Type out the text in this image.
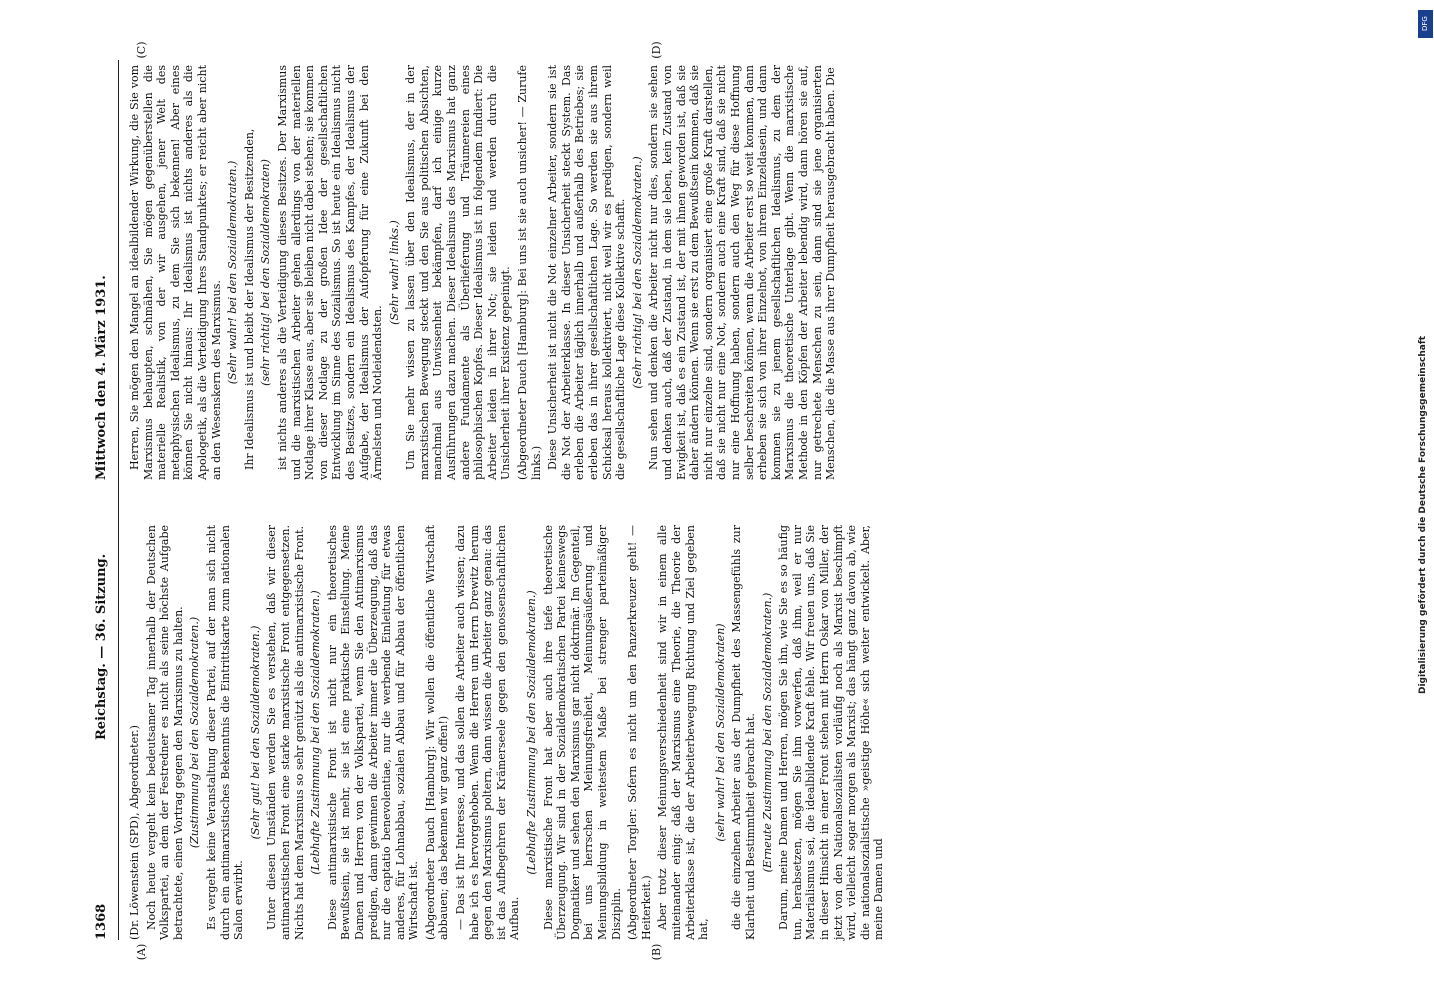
1368
Reichstag. — 36. Sitzung.
Mittwoch den 4. März 1931.
(A)	(B)
(C)	(D)

(Dr. Löwenstein (SPD), Abgeordneter.) Noch heute vergeht kein bedeutsamer Tag innerhalb der Deutschen Volkspartei, an dem der Festredner es nicht als seine höchste Aufgabe betrachtete, einen Vortrag gegen den Marxismus zu halten. (Zustimmung bei den Sozialdemokraten.) Es vergeht keine Veranstaltung dieser Partei, auf der man sich nicht durch ein antimarxistisches Bekenntnis die Eintrittskarte zum nationalen Salon erwirbt.

(Sehr gut! bei den Sozialdemokraten.) Unter diesen Umständen werden Sie es verstehen, daß wir dieser antimarxistischen Front eine starke marxistische Front entgegensetzen. Nichts hat dem Marxismus so sehr genützt als die antimarxistische Front. (Lebhafte Zustimmung bei den Sozialdemokraten.) Diese antimarxistische Front ist nicht nur ein theoretisches Bewußtsein, sie ist mehr, sie ist eine praktische Einstellung. Meine Damen und Herren von der Volkspartei, wenn Sie den Antimarxismus predigen, dann gewinnen die Arbeiter immer die Überzeugung, daß das nur die captatio benevolentiae, nur die werbende Einleitung für etwas anderes, für Lohnabbau, sozialen Abbau und für Abbau der öffentlichen Wirtschaft ist. (Abgeordneter Dauch [Hamburg]: Wir wollen die öffentliche Wirtschaft abbauen; das bekennen wir ganz offen!) — Das ist Ihr Interesse, und das sollen die Arbeiter auch wissen; dazu habe ich es hervorgehoben. Wenn die Herren um Herrn Drewitz herum gegen den Marxismus poltern, dann wissen die Arbeiter ganz genau: das ist das Aufbegehren der Krämerseele gegen den genossenschaftlichen Aufbau.

(Lebhafte Zustimmung bei den Sozialdemokraten.) Diese marxistische Front hat aber auch ihre tiefe theoretische Überzeugung. Wir sind in der Sozialdemokratischen Partei keineswegs Dogmatiker und sehen den Marxismus gar nicht doktrinär. Im Gegenteil, bei uns herrschen Meinungsfreiheit, Meinungsäußerung und Meinungsbildung in weitestem Maße bei strenger parteimäßiger Disziplin. (Abgeordneter Torgler: Sofern es nicht um den Panzerkreuzer geht! — Heiterkeit.) Aber trotz dieser Meinungsverschiedenheit sind wir in einem alle miteinander einig: daß der Marxismus eine Theorie, die Theorie der Arbeiterklasse ist, die der Arbeiterbewegung Richtung und Ziel gegeben hat,

(sehr wahr! bei den Sozialdemokraten) die die einzelnen Arbeiter aus der Dumpfheit des Massengefühls zur Klarheit und Bestimmtheit gebracht hat. (Erneute Zustimmung bei den Sozialdemokraten.) Darum, meine Damen und Herren, mögen Sie ihn, wie Sie es so häufig tun, herabsetzen, mögen Sie ihm vorwerfen, daß ihm, weil er nur Materialismus sei, die idealbildende Kraft fehle. Wir freuen uns, daß Sie in dieser Hinsicht in einer Front stehen mit Herrn Oskar von Miller, der jetzt von den Nationalsozialisten vorläufig noch als Marxist beschimpft wird, vielleicht sogar morgen als Marxist; das hängt ganz davon ab, wie die nationalsozialistische »geistige Höhe« sich weiter entwickelt. Aber, meine Damen und

Herren, Sie mögen den Mangel an idealbildender Wirkung, die Sie vom Marxismus behaupten, schmähen, Sie mögen gegenüberstellen die materielle Realistik, von der wir ausgehen, jener Welt des metaphysischen Idealismus, zu dem Sie sich bekennen! Aber eines können Sie nicht hinaus: Ihr Idealismus ist nichts anderes als die Apologetik, als die Verteidigung Ihres Standpunktes; er reicht aber nicht an den Wesenskern des Marxismus. (Sehr wahr! bei den Sozialdemokraten.) Ihr Idealismus ist und bleibt der Idealismus der Besitzenden, (sehr richtig! bei den Sozialdemokraten) ist nichts anderes als die Verteidigung dieses Besitzes. Der Marxismus und die marxistischen Arbeiter gehen allerdings von der materiellen Notlage ihrer Klasse aus, aber sie bleiben nicht dabei stehen; sie kommen von dieser Notlage zu der großen Idee der gesellschaftlichen Entwicklung im Sinne des Sozialismus. So ist heute ein Idealismus nicht des Besitzes, sondern ein Idealismus des Kampfes, der Idealismus der Aufgabe, der Idealismus der Aufopferung für eine Zukunft bei den Ärmelsten und Notleidendsten.

(Sehr wahr! links.) Um Sie mehr wissen zu lassen über den Idealismus, der in der marxistischen Bewegung steckt und den Sie aus politischen Absichten, manchmal aus Unwissenheit bekämpfen, darf ich einige kurze Ausführungen dazu machen. Dieser Idealismus des Marxismus hat ganz andere Fundamente als Überlieferung und Träumereien eines philosophischen Kopfes. Dieser Idealismus ist in folgendem fundiert: Die Arbeiter leiden in ihrer Not; sie leiden und werden durch die Unsicherheit ihrer Existenz gepeinigt. (Abgeordneter Dauch [Hamburg]: Bei uns ist sie auch unsicher! — Zurufe links.) Diese Unsicherheit ist nicht die Not einzelner Arbeiter, sondern sie ist die Not der Arbeiterklasse. In dieser Unsicherheit steckt System. Das erleben die Arbeiter täglich innerhalb und außerhalb des Betriebes; sie erleben das in ihrer gesellschaftlichen Lage. So werden sie aus ihrem Schicksal heraus kollektiviert, nicht weil wir es predigen, sondern weil die gesellschaftliche Lage diese Kollektive schafft. (Sehr richtig! bei den Sozialdemokraten.) Nun sehen und denken die Arbeiter nicht nur dies, sondern sie sehen und denken auch, daß der Zustand, in dem sie leben, kein Zustand von Ewigkeit ist, daß es ein Zustand ist, der mit ihnen geworden ist, daß sie daher ändern können. Wenn sie erst zu dem Bewußtsein kommen, daß sie nicht nur einzelne sind, sondern organisiert eine große Kraft darstellen, daß sie nicht nur eine Not, sondern auch eine Kraft sind, daß sie nicht nur eine Hoffnung haben, sondern auch den Weg für diese Hoffnung selber beschreiten können, wenn die Arbeiter erst so weit kommen, dann erheben sie sich von ihrer Einzelnot, von ihrem Einzeldasein, und dann kommen sie zu jenem gesellschaftlichen Idealismus, zu dem der Marxismus die theoretische Unterlage gibt. Wenn die marxistische Methode in den Köpfen der Arbeiter lebendig wird, dann hören sie auf, nur getrechete Menschen zu sein, dann sind sie jene organisierten Menschen, die die Masse aus ihrer Dumpfheit herausgebracht haben. Die

DFG
Digitalisierung gefördert durch die Deutsche Forschungsgemeinschaft
